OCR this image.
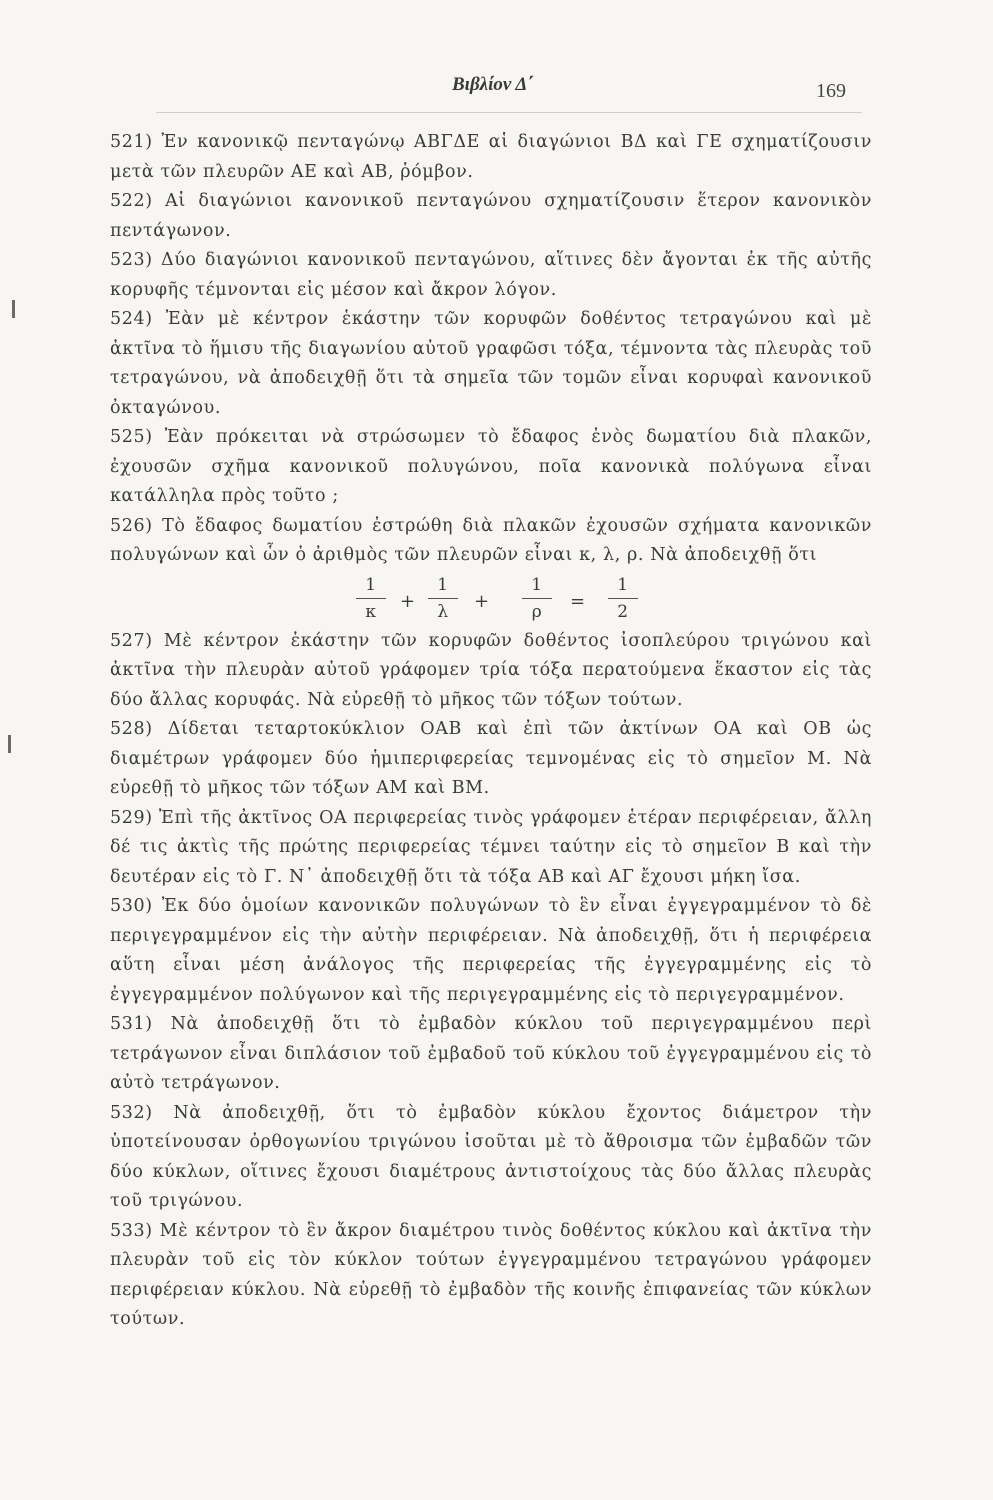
Βιβλίον Δ΄	169

521) Ἐν κανονικῷ πενταγώνῳ ΑΒΓΔΕ αἱ διαγώνιοι ΒΔ καὶ ΓΕ σχηματίζουσιν μετὰ τῶν πλευρῶν ΑΕ καὶ ΑΒ, ῥόμβον.

522) Αἱ διαγώνιοι κανονικοῦ πενταγώνου σχηματίζουσιν ἕτερον κανονικὸν πεντάγωνον.

523) Δύο διαγώνιοι κανονικοῦ πενταγώνου, αἵτινες δὲν ἄγονται ἐκ τῆς αὐτῆς κορυφῆς τέμνονται εἰς μέσον καὶ ἄκρον λόγον.

524) Ἐὰν μὲ κέντρον ἑκάστην τῶν κορυφῶν δοθέντος τετραγώνου καὶ μὲ ἀκτῖνα τὸ ἥμισυ τῆς διαγωνίου αὐτοῦ γραφῶσι τόξα, τέμνοντα τὰς πλευρὰς τοῦ τετραγώνου, νὰ ἀποδειχθῇ ὅτι τὰ σημεῖα τῶν τομῶν εἶναι κορυφαὶ κανονικοῦ ὀκταγώνου.

525) Ἐὰν πρόκειται νὰ στρώσωμεν τὸ ἔδαφος ἑνὸς δωματίου διὰ πλακῶν, ἐχουσῶν σχῆμα κανονικοῦ πολυγώνου, ποῖα κανονικὰ πολύγωνα εἶναι κατάλληλα πρὸς τοῦτο ;

526) Τὸ ἔδαφος δωματίου ἐστρώθη διὰ πλακῶν ἐχουσῶν σχήματα κανονικῶν πολυγώνων καὶ ὧν ὁ ἀριθμὸς τῶν πλευρῶν εἶναι κ, λ, ρ. Νὰ ἀποδειχθῇ ὅτι

1
κ	+
1
λ	+
1
ρ	=
1
2

527) Μὲ κέντρον ἑκάστην τῶν κορυφῶν δοθέντος ἰσοπλεύρου τριγώνου καὶ ἀκτῖνα τὴν πλευρὰν αὐτοῦ γράφομεν τρία τόξα περατούμενα ἕκαστον εἰς τὰς δύο ἄλλας κορυφάς. Νὰ εὑρεθῇ τὸ μῆκος τῶν τόξων τούτων.

528) Δίδεται τεταρτοκύκλιον ΟΑΒ καὶ ἐπὶ τῶν ἀκτίνων ΟΑ καὶ ΟΒ ὡς διαμέτρων γράφομεν δύο ἡμιπεριφερείας τεμνομένας εἰς τὸ σημεῖον Μ. Νὰ εὑρεθῇ τὸ μῆκος τῶν τόξων ΑΜ καὶ ΒΜ.

529) Ἐπὶ τῆς ἀκτῖνος ΟΑ περιφερείας τινὸς γράφομεν ἑτέραν περιφέρειαν, ἄλλη δέ τις ἀκτὶς τῆς πρώτης περιφερείας τέμνει ταύτην εἰς τὸ σημεῖον Β καὶ τὴν δευτέραν εἰς τὸ Γ. Ν᾿ ἀποδειχθῇ ὅτι τὰ τόξα ΑΒ καὶ ΑΓ ἔχουσι μήκη ἴσα.

530) Ἐκ δύο ὁμοίων κανονικῶν πολυγώνων τὸ ἓν εἶναι ἐγγεγραμμένον τὸ δὲ περιγεγραμμένον εἰς τὴν αὐτὴν περιφέρειαν. Νὰ ἀποδειχθῇ, ὅτι ἡ περιφέρεια αὕτη εἶναι μέση ἀνάλογος τῆς περιφερείας τῆς ἐγγεγραμμένης εἰς τὸ ἐγγεγραμμένον πολύγωνον καὶ τῆς περιγεγραμμένης εἰς τὸ περιγεγραμμένον.

531) Νὰ ἀποδειχθῇ ὅτι τὸ ἐμβαδὸν κύκλου τοῦ περιγεγραμμένου περὶ τετράγωνον εἶναι διπλάσιον τοῦ ἐμβαδοῦ τοῦ κύκλου τοῦ ἐγγεγραμμένου εἰς τὸ αὐτὸ τετράγωνον.

532) Νὰ ἀποδειχθῇ, ὅτι τὸ ἐμβαδὸν κύκλου ἔχοντος διάμετρον τὴν ὑποτείνουσαν ὀρθογωνίου τριγώνου ἰσοῦται μὲ τὸ ἄθροισμα τῶν ἐμβαδῶν τῶν δύο κύκλων, οἵτινες ἔχουσι διαμέτρους ἀντιστοίχους τὰς δύο ἄλλας πλευρὰς τοῦ τριγώνου.

533) Μὲ κέντρον τὸ ἓν ἄκρον διαμέτρου τινὸς δοθέντος κύκλου καὶ ἀκτῖνα τὴν πλευρὰν τοῦ εἰς τὸν κύκλον τούτων ἐγγεγραμμένου τετραγώνου γράφομεν περιφέρειαν κύκλου. Νὰ εὑρεθῇ τὸ ἐμβαδὸν τῆς κοινῆς ἐπιφανείας τῶν κύκλων τούτων.
